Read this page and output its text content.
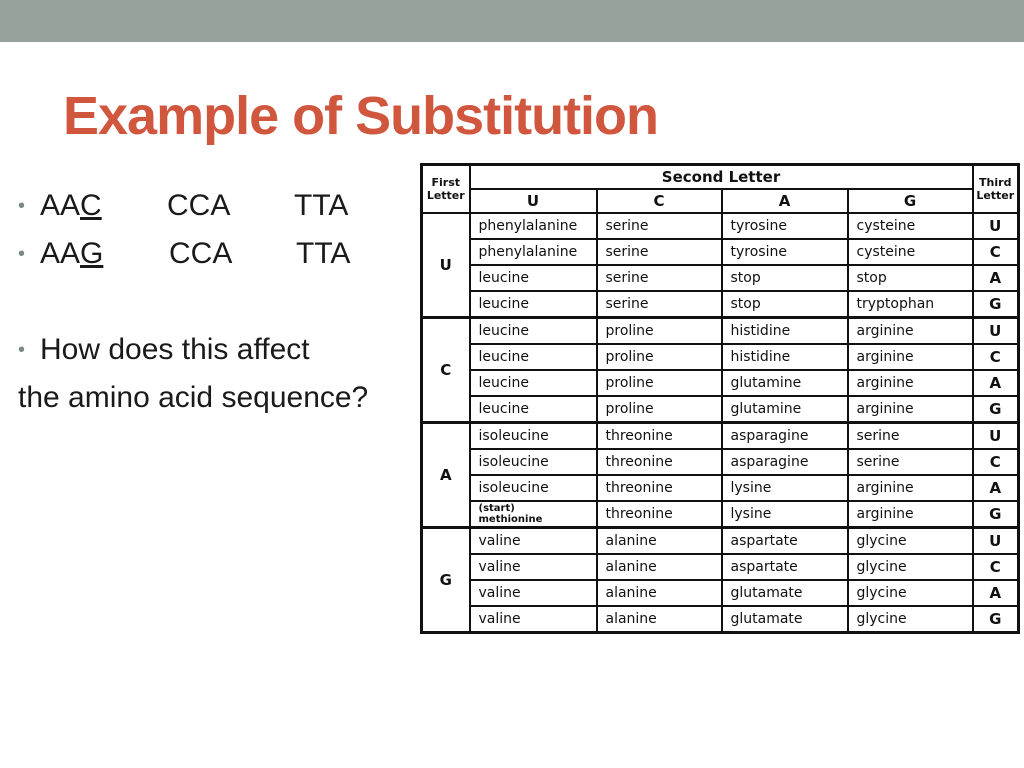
Example of Substitution
• AAC CCA TTA
• AAG CCA TTA
• How does this affect
the amino acid sequence?
First
Letter	Second Letter				Third
Letter
	U	C	A	G	
U	phenylalanine	serine	tyrosine	cysteine	U
	phenylalanine	serine	tyrosine	cysteine	C
	leucine	serine	stop	stop	A
	leucine	serine	stop	tryptophan	G
C	leucine	proline	histidine	arginine	U
	leucine	proline	histidine	arginine	C
	leucine	proline	glutamine	arginine	A
	leucine	proline	glutamine	arginine	G
A	isoleucine	threonine	asparagine	serine	U
	isoleucine	threonine	asparagine	serine	C
	isoleucine	threonine	lysine	arginine	A
	(start)
methionine	threonine	lysine	arginine	G
G	valine	alanine	aspartate	glycine	U
	valine	alanine	aspartate	glycine	C
	valine	alanine	glutamate	glycine	A
	valine	alanine	glutamate	glycine	G
